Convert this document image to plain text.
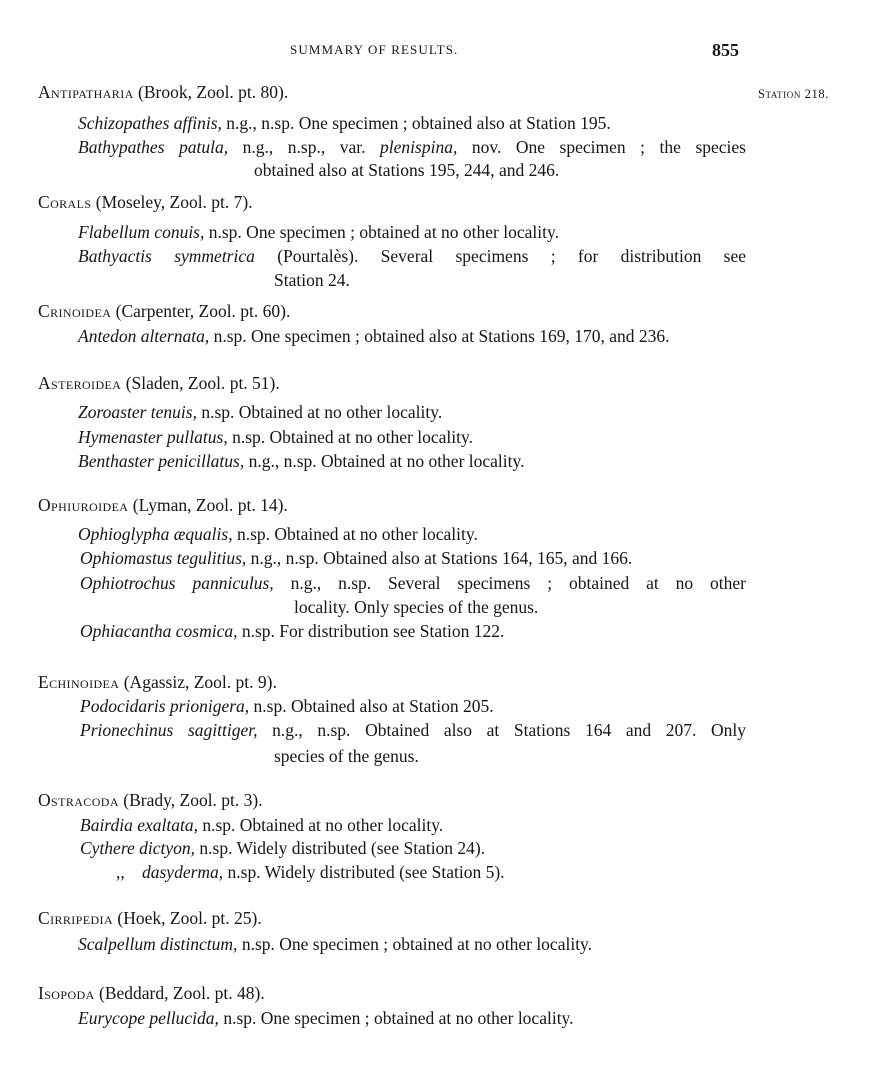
SUMMARY OF RESULTS.	855
Station 218.
Antipatharia (Brook, Zool. pt. 80).
Schizopathes affinis, n.g., n.sp. One specimen ; obtained also at Station 195.
Bathypathes patula, n.g., n.sp., var. plenispina, nov. One specimen ; the species
obtained also at Stations 195, 244, and 246.
Corals (Moseley, Zool. pt. 7).
Flabellum conuis, n.sp. One specimen ; obtained at no other locality.
Bathyactis symmetrica (Pourtalès). Several specimens ; for distribution see
Station 24.
Crinoidea (Carpenter, Zool. pt. 60).
Antedon alternata, n.sp. One specimen ; obtained also at Stations 169, 170, and 236.
Asteroidea (Sladen, Zool. pt. 51).
Zoroaster tenuis, n.sp. Obtained at no other locality.
Hymenaster pullatus, n.sp. Obtained at no other locality.
Benthaster penicillatus, n.g., n.sp. Obtained at no other locality.
Ophiuroidea (Lyman, Zool. pt. 14).
Ophioglypha æqualis, n.sp. Obtained at no other locality.
Ophiomastus tegulitius, n.g., n.sp. Obtained also at Stations 164, 165, and 166.
Ophiotrochus panniculus, n.g., n.sp. Several specimens ; obtained at no other
locality. Only species of the genus.
Ophiacantha cosmica, n.sp. For distribution see Station 122.
Echinoidea (Agassiz, Zool. pt. 9).
Podocidaris prionigera, n.sp. Obtained also at Station 205.
Prionechinus sagittiger, n.g., n.sp. Obtained also at Stations 164 and 207. Only
species of the genus.
Ostracoda (Brady, Zool. pt. 3).
Bairdia exaltata, n.sp. Obtained at no other locality.
Cythere dictyon, n.sp. Widely distributed (see Station 24).
,, dasyderma, n.sp. Widely distributed (see Station 5).
Cirripedia (Hoek, Zool. pt. 25).
Scalpellum distinctum, n.sp. One specimen ; obtained at no other locality.
Isopoda (Beddard, Zool. pt. 48).
Eurycope pellucida, n.sp. One specimen ; obtained at no other locality.
